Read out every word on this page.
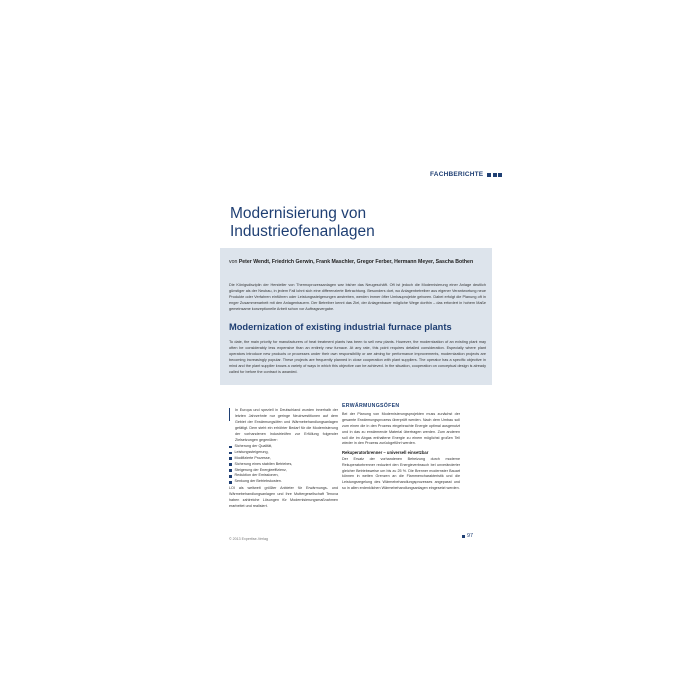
FACHBERICHTE
Modernisierung von
Industrieofenanlagen
von Peter Wendt, Friedrich Gerwin, Frank Maschler, Gregor Ferber, Hermann Meyer, Sascha Bothen

Die Königsdisziplin der Hersteller von Thermoprozessanlagen war bisher das Neugeschäft. Oft ist jedoch die Modernisierung einer Anlage deutlich günstiger als der Neubau, in jedem Fall lohnt sich eine differenzierte Betrachtung. Besonders dort, wo Anlagenbetreiber aus eigener Verantwortung neue Produkte oder Verfahren einführen oder Leistungssteigerungen anstreben, werden immer öfter Umbauprojekte geboren. Dabei erfolgt die Planung oft in enger Zusammenarbeit mit den Anlagenbauern. Der Betreiber kennt das Ziel, der Anlagenbauer mögliche Wege dorthin – das erfordert in hohem Maße gemeinsame konzeptionelle Arbeit schon vor Auftragsvergabe.

Modernization of existing industrial furnace plants

To date, the main priority for manufacturers of heat treatment plants has been to sell new plants. However, the modernization of an existing plant may often be considerably less expensive than an entirely new furnace. At any rate, this point requires detailed consideration. Especially where plant operators introduce new products or processes under their own responsibility or are aiming for performance improvements, modernization projects are becoming increasingly popular. These projects are frequently planned in close cooperation with plant suppliers. The operator has a specific objective in mind and the plant supplier knows a variety of ways in which this objective can be achieved. In the situation, cooperation on conceptual design is already called for before the contract is awarded.

In Europa und speziell in Deutschland wurden innerhalb der letzten Jahrzehnte nur geringe Neuinvestitionen auf dem Gebiet der Erwärmungsöfen und Wärmebehandlungsanlagen getätigt. Dem steht ein erhöhter Bedarf für die Modernisierung der vorhandenen Industrieöfen zur Erfüllung folgender Zielsetzungen gegenüber:

Sicherung der Qualität,
Leistungssteigerung,
Modifizierte Prozesse,
Sicherung eines stabilen Betriebes,
Steigerung der Energieeffizienz,
Reduktion der Emissionen,
Senkung der Betriebskosten.

LOI als weltweit größter Anbieter für Erwärmungs- und Wärmebehandlungsanlagen und ihre Muttergesellschaft Tenova haben zahlreiche Lösungen für Modernisierungsmaßnahmen erarbeitet und realisiert.

ERWÄRMUNGSÖFEN

Bei der Planung von Modernisierungsprojekten muss zunächst der gesamte Erwärmungsprozess überprüft werden. Nach dem Umbau soll zum einen die in den Prozess eingebrachte Energie optimal ausgenutzt und in das zu erwärmende Material übertragen werden. Zum anderen soll die im Abgas enthaltene Energie zu einem möglichst großen Teil wieder in den Prozess zurückgeführt werden.

Rekuperatorbrenner – universell einsetzbar

Der Ersatz der vorhandenen Beheizung durch moderne Rekuperatorbrenner reduziert den Energieverbrauch bei unveränderter gleicher Betriebsweise um bis zu 25 %. Die Brenner modernster Bauart können in weiten Grenzen an die Flammencharakteristik und die Leistungsregelung des Wärmebehandlungsprozesses angepasst und so in allen erdenklichen Wärmebehandlungsanlagen eingesetzt werden.

© 2013 Expertise-Verlag	97
